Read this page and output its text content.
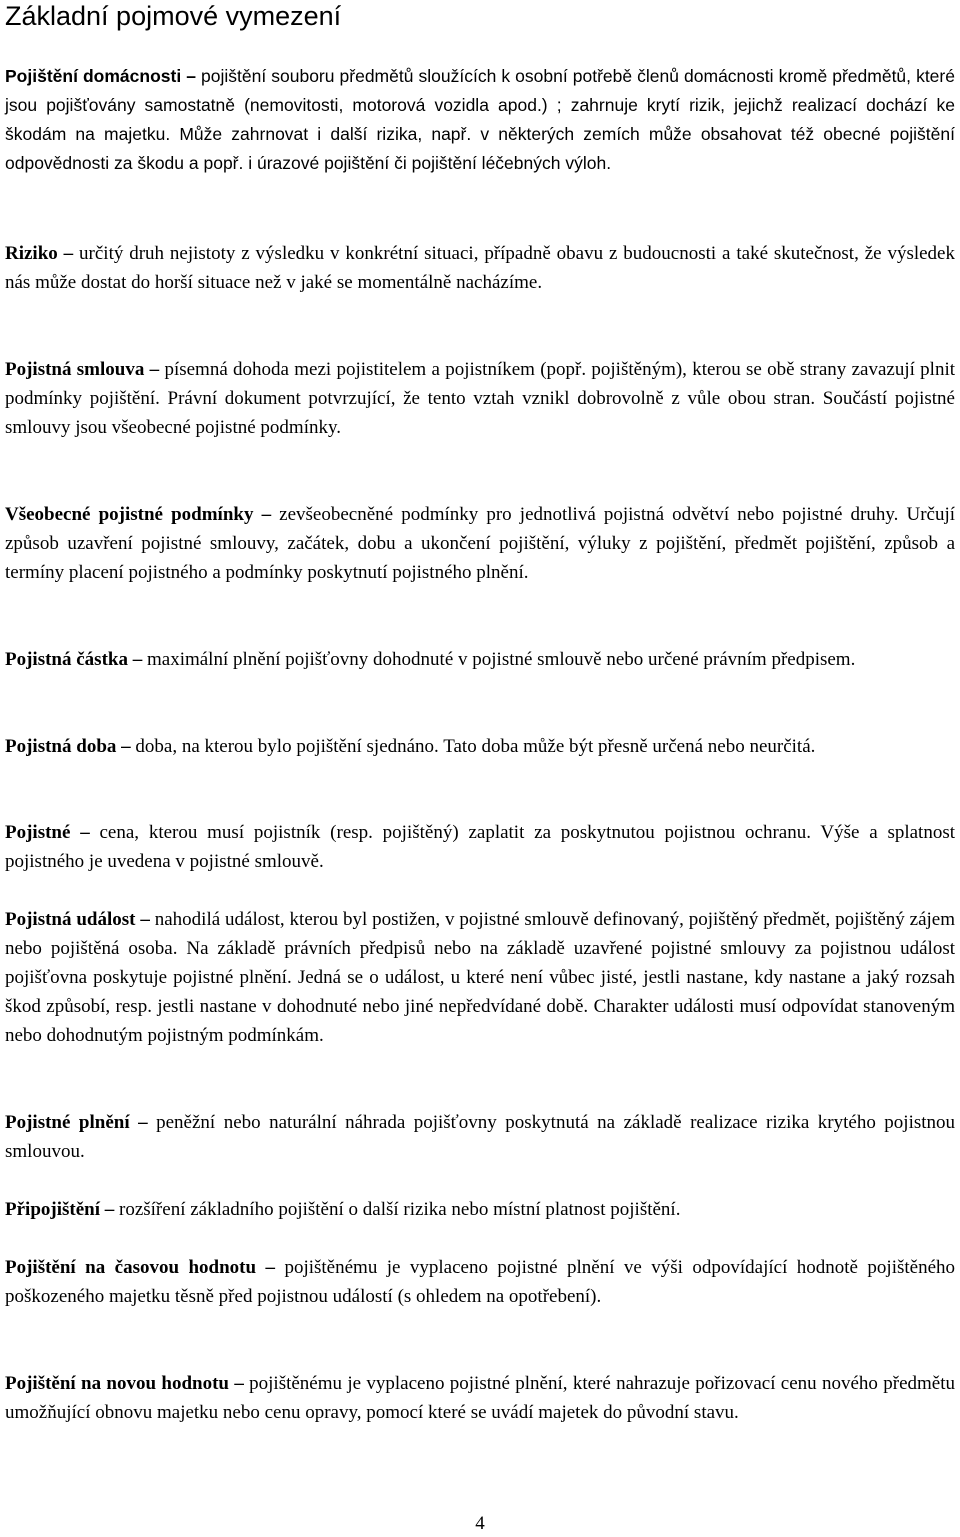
Základní pojmové vymezení

Pojištění domácnosti – pojištění souboru předmětů sloužících k osobní potřebě členů domácnosti kromě předmětů, které jsou pojišťovány samostatně (nemovitosti, motorová vozidla apod.) ; zahrnuje krytí rizik, jejichž realizací dochází ke škodám na majetku. Může zahrnovat i další rizika, např. v některých zemích může obsahovat též obecné pojištění odpovědnosti za škodu a popř. i úrazové pojištění či pojištění léčebných výloh.

Riziko – určitý druh nejistoty z výsledku v konkrétní situaci, případně obavu z budoucnosti a také skutečnost, že výsledek nás může dostat do horší situace než v jaké se momentálně nacházíme.

Pojistná smlouva – písemná dohoda mezi pojistitelem a pojistníkem (popř. pojištěným), kterou se obě strany zavazují plnit podmínky pojištění. Právní dokument potvrzující, že tento vztah vznikl dobrovolně z vůle obou stran. Součástí pojistné smlouvy jsou všeobecné pojistné podmínky.

Všeobecné pojistné podmínky – zevšeobecněné podmínky pro jednotlivá pojistná odvětví nebo pojistné druhy. Určují způsob uzavření pojistné smlouvy, začátek, dobu a ukončení pojištění, výluky z pojištění, předmět pojištění, způsob a termíny placení pojistného a podmínky poskytnutí pojistného plnění.

Pojistná částka – maximální plnění pojišťovny dohodnuté v pojistné smlouvě nebo určené právním předpisem.

Pojistná doba – doba, na kterou bylo pojištění sjednáno. Tato doba může být přesně určená nebo neurčitá.

Pojistné – cena, kterou musí pojistník (resp. pojištěný) zaplatit za poskytnutou pojistnou ochranu. Výše a splatnost pojistného je uvedena v pojistné smlouvě.

Pojistná událost – nahodilá událost, kterou byl postižen, v pojistné smlouvě definovaný, pojištěný předmět, pojištěný zájem nebo pojištěná osoba. Na základě právních předpisů nebo na základě uzavřené pojistné smlouvy za pojistnou událost pojišťovna poskytuje pojistné plnění. Jedná se o událost, u které není vůbec jisté, jestli nastane, kdy nastane a jaký rozsah škod způsobí, resp. jestli nastane v dohodnuté nebo jiné nepředvídané době. Charakter události musí odpovídat stanoveným nebo dohodnutým pojistným podmínkám.

Pojistné plnění – peněžní nebo naturální náhrada pojišťovny poskytnutá na základě realizace rizika krytého pojistnou smlouvou.

Připojištění – rozšíření základního pojištění o další rizika nebo místní platnost pojištění.

Pojištění na časovou hodnotu – pojištěnému je vyplaceno pojistné plnění ve výši odpovídající hodnotě pojištěného poškozeného majetku těsně před pojistnou událostí (s ohledem na opotřebení).

Pojištění na novou hodnotu – pojištěnému je vyplaceno pojistné plnění, které nahrazuje pořizovací cenu nového předmětu umožňující obnovu majetku nebo cenu opravy, pomocí které se uvádí majetek do původní stavu.

4
